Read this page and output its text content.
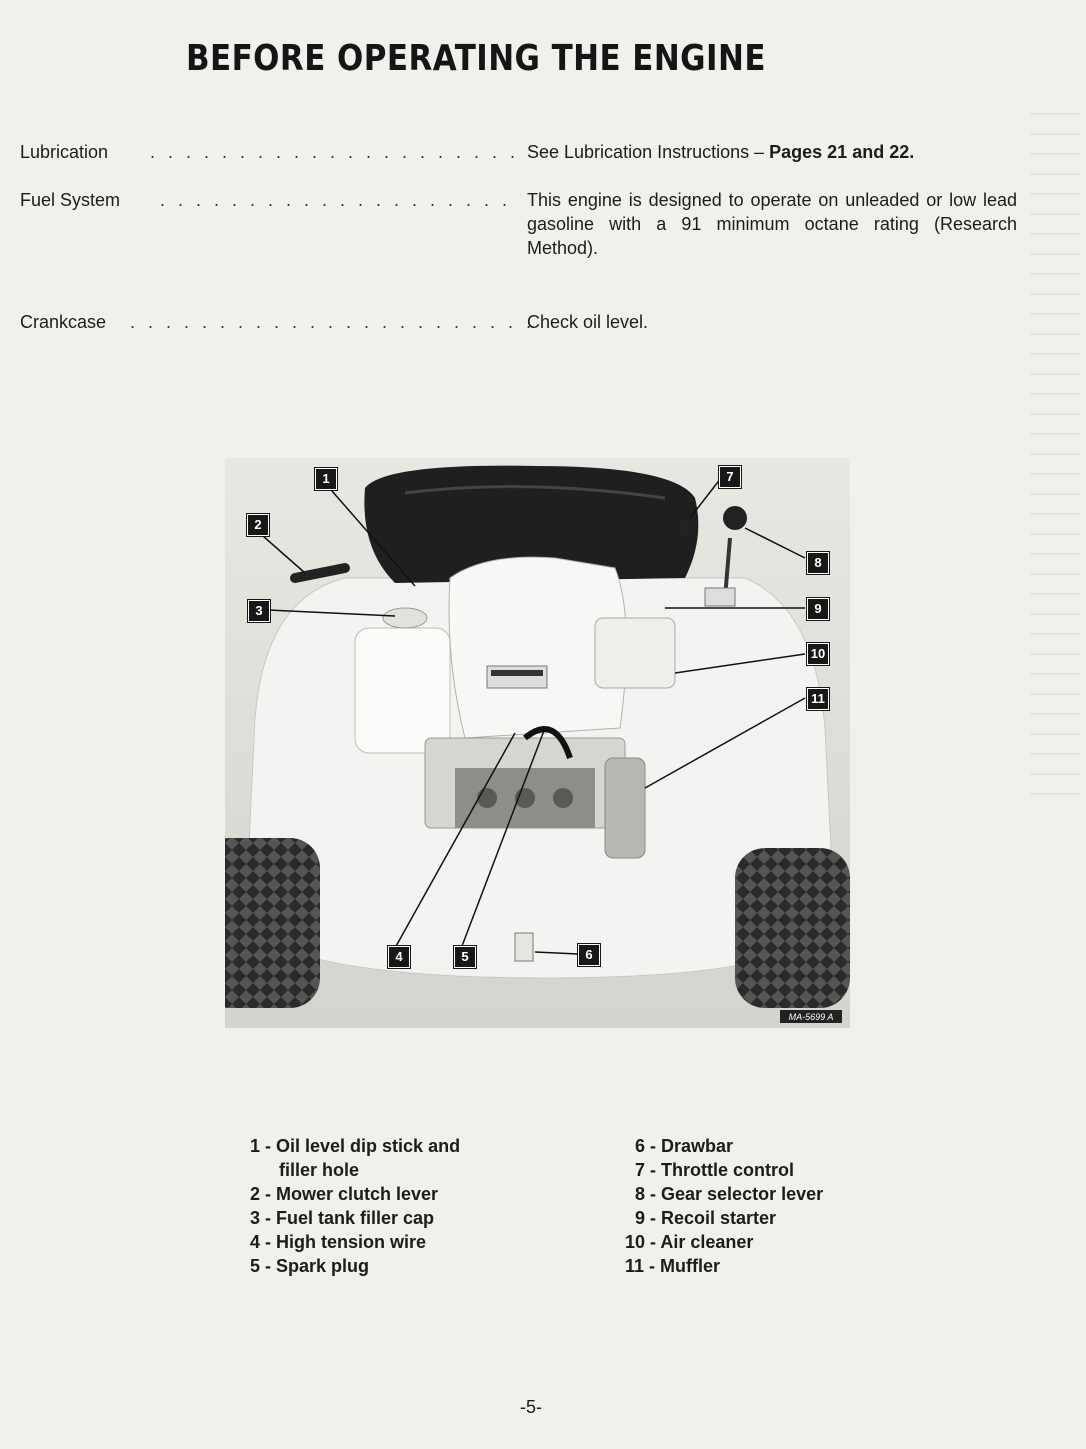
BEFORE OPERATING THE ENGINE
Lubrication . . . . . . . . . . . . . . . . . . . . . See Lubrication Instructions – Pages 21 and 22.
Fuel System . . . . . . . . . . . . . . . . . . . . This engine is designed to operate on unleaded or low lead gasoline with a 91 minimum octane rating (Research Method).
Crankcase . . . . . . . . . . . . . . . . . . . . . . .
Check oil level.
MA-5699 A
1
2
3
4	5	6
7
8
9
10
11
1 - Oil level dip stick and
filler hole
2 - Mower clutch lever
3 - Fuel tank filler cap
4 - High tension wire
5 - Spark plug
6 - Drawbar
7 - Throttle control
8 - Gear selector lever
9 - Recoil starter
10 - Air cleaner
11 - Muffler
-5-
